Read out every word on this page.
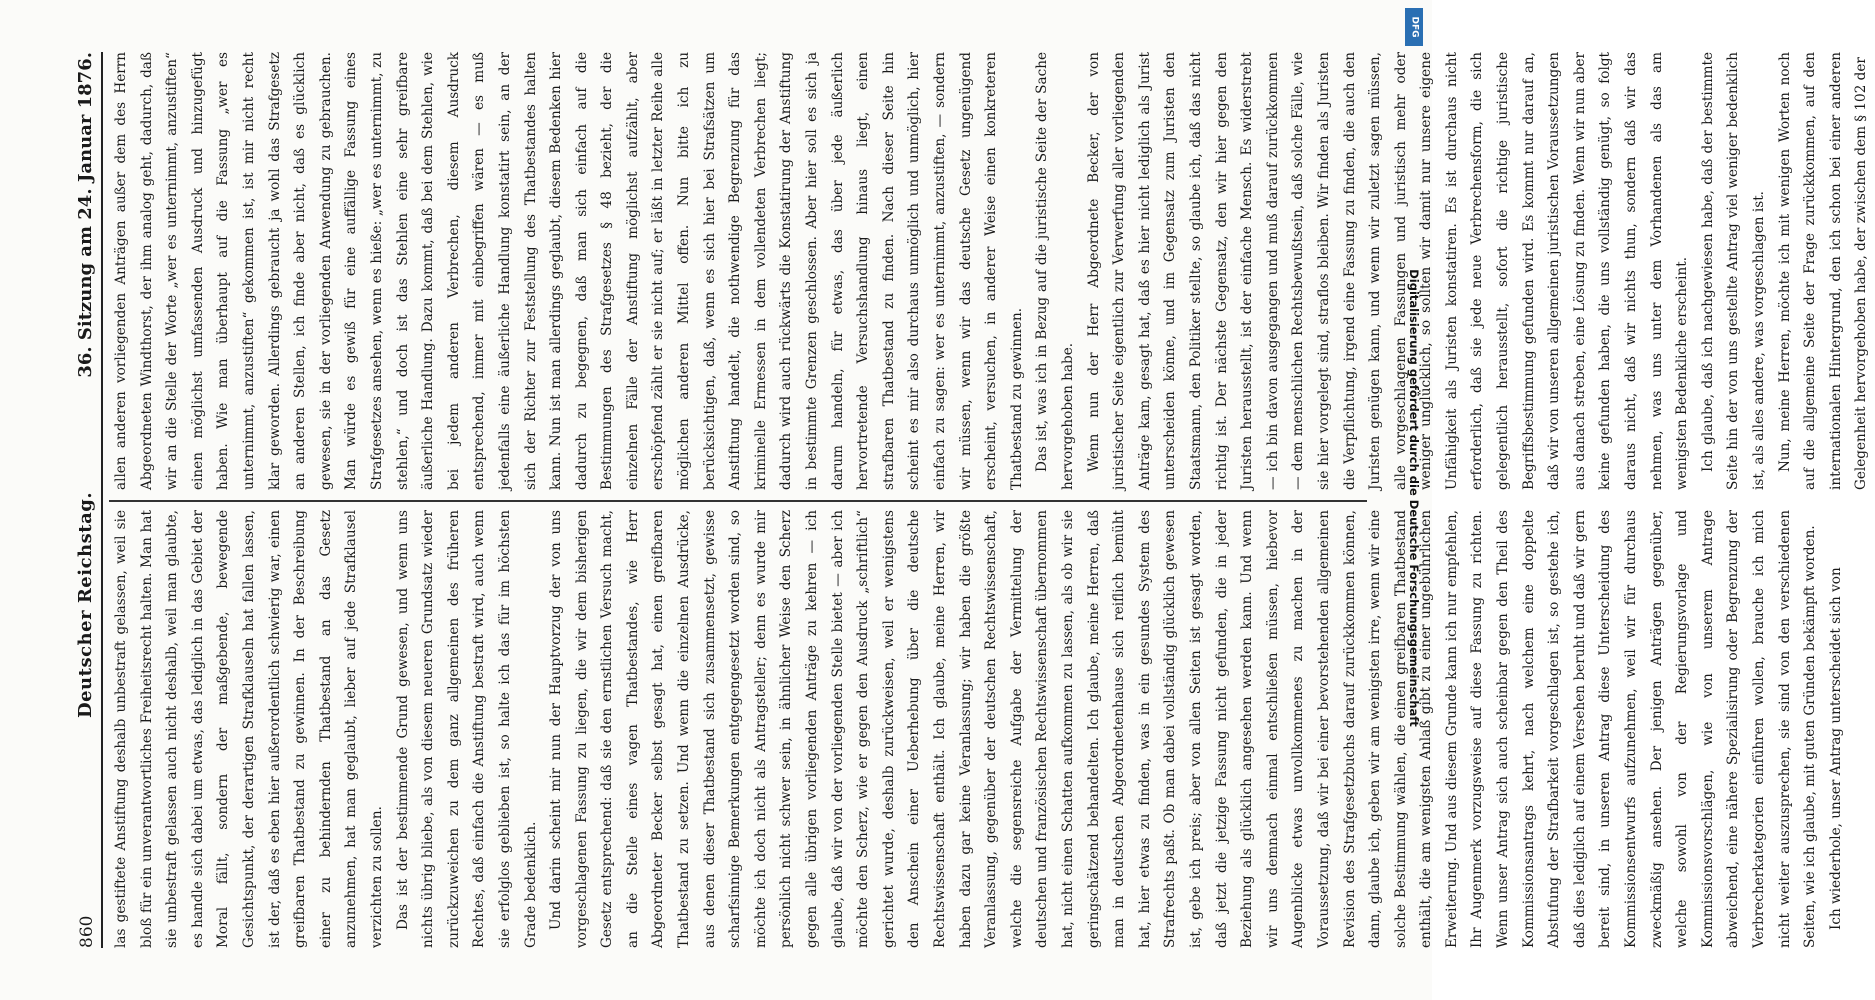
860
Deutscher Reichstag.
36. Sitzung am 24. Januar 1876.

las gestiftete Anstiftung deshalb unbestraft gelassen, weil sie bloß für ein unverantwortliches Freiheitsrecht halten. Man hat sie unbestraft gelassen auch nicht deshalb, weil man glaubte, es handle sich dabei um etwas, das lediglich in das Gebiet der Moral fällt, sondern der maßgebende, bewegende Gesichtspunkt, der derartigen Strafklauseln hat fallen lassen, ist der, daß es eben hier außerordentlich schwierig war, einen greifbaren Thatbestand zu gewinnen. In der Beschreibung einer zu behindernden Thatbestand an das Gesetz anzunehmen, hat man geglaubt, lieber auf jede Strafklausel verzichten zu sollen. Das ist der bestimmende Grund gewesen, und wenn uns nichts übrig bliebe, als von diesem neueren Grundsatz wieder zurückzuweichen zu dem ganz allgemeinen des früheren Rechtes, daß einfach die Anstiftung bestraft wird, auch wenn sie erfolglos geblieben ist, so halte ich das für im höchsten Grade bedenklich. Und darin scheint mir nun der Hauptvorzug der von uns vorgeschlagenen Fassung zu liegen, die wir dem bisherigen Gesetz entsprechend: daß sie den ernstlichen Versuch macht, an die Stelle eines vagen Thatbestandes, wie Herr Abgeordneter Becker selbst gesagt hat, einen greifbaren Thatbestand zu setzen. Und wenn die einzelnen Ausdrücke, aus denen dieser Thatbestand sich zusammensetzt, gewisse scharfsinnige Bemerkungen entgegengesetzt worden sind, so möchte ich doch nicht als Antragsteller; denn es wurde mir persönlich nicht schwer sein, in ähnlicher Weise den Scherz gegen alle übrigen vorliegenden Anträge zu kehren — ich glaube, daß wir von der vorliegenden Stelle bietet — aber ich möchte den Scherz, wie er gegen den Ausdruck „schriftlich“ gerichtet wurde, deshalb zurückweisen, weil er wenigstens den Anschein einer Ueberhebung über die deutsche Rechtswissenschaft enthält. Ich glaube, meine Herren, wir haben dazu gar keine Veranlassung; wir haben die größte Veranlassung, gegenüber der deutschen Rechtswissenschaft, welche die segensreiche Aufgabe der Vermittelung der deutschen und französischen Rechtswissenschaft übernommen hat, nicht einen Schatten aufkommen zu lassen, als ob wir sie geringschätzend behandelten. Ich glaube, meine Herren, daß man in deutschen Abgeordnetenhause sich reiflich bemüht hat, hier etwas zu finden, was in ein gesundes System des Strafrechts paßt. Ob man dabei vollständig glücklich gewesen ist, gebe ich preis; aber von allen Seiten ist gesagt worden, daß jetzt die jetzige Fassung nicht gefunden, die in jeder Beziehung als glücklich angesehen werden kann. Und wenn wir uns demnach einmal entschließen müssen, hiebevor Augenblicke etwas unvollkommenes zu machen in der Voraussetzung, daß wir bei einer bevorstehenden allgemeinen Revision des Strafgesetzbuchs darauf zurückkommen können, dann, glaube ich, geben wir am wenigsten irre, wenn wir eine solche Bestimmung wählen, die einen greifbaren Thatbestand enthält, die am wenigsten Anlaß gibt zu einer ungebührlichen Erweiterung. Und aus diesem Grunde kann ich nur empfehlen, Ihr Augenmerk vorzugsweise auf diese Fassung zu richten. Wenn unser Antrag sich auch scheinbar gegen den Theil des Kommissionsantrags kehrt, nach welchem eine doppelte Abstufung der Strafbarkeit vorgeschlagen ist, so gestehe ich, daß dies lediglich auf einem Versehen beruht und daß wir gern bereit sind, in unseren Antrag diese Unterscheidung des Kommissionsentwurfs aufzunehmen, weil wir für durchaus zweckmäßig ansehen. Der jenigen Anträgen gegenüber, welche sowohl von der Regierungsvorlage und Kommissionsvorschlägen, wie von unserem Antrage abweichend, eine nähere Spezialisirung oder Begrenzung der Verbrecherkategorien einführen wollen, brauche ich mich nicht weiter auszusprechen, sie sind von den verschiedenen Seiten, wie ich glaube, mit guten Gründen bekämpft worden. Ich wiederhole, unser Antrag unterscheidet sich von

allen anderen vorliegenden Anträgen außer dem des Herrn Abgeordneten Windthorst, der ihm analog geht, dadurch, daß wir an die Stelle der Worte „wer es unternimmt, anzustiften“ einen möglichst umfassenden Ausdruck und hinzugefügt haben. Wie man überhaupt auf die Fassung „wer es unternimmt, anzustiften“ gekommen ist, ist mir nicht recht klar geworden. Allerdings gebraucht ja wohl das Strafgesetz an anderen Stellen, ich finde aber nicht, daß es glücklich gewesen, sie in der vorliegenden Anwendung zu gebrauchen. Man würde es gewiß für eine auffällige Fassung eines Strafgesetzes ansehen, wenn es hieße: „wer es unternimmt, zu stehlen,“ und doch ist das Stehlen eine sehr greifbare äußerliche Handlung. Dazu kommt, daß bei dem Stehlen, wie bei jedem anderen Verbrechen, diesem Ausdruck entsprechend, immer mit einbegriffen wären — es muß jedenfalls eine äußerliche Handlung konstatirt sein, an der sich der Richter zur Feststellung des Thatbestandes halten kann. Nun ist man allerdings geglaubt, diesem Bedenken hier dadurch zu begegnen, daß man sich einfach auf die Bestimmungen des Strafgesetzes § 48 bezieht, der die einzelnen Fälle der Anstiftung möglichst aufzählt, aber erschöpfend zählt er sie nicht auf; er läßt in letzter Reihe alle möglichen anderen Mittel offen. Nun bitte ich zu berücksichtigen, daß, wenn es sich hier bei Strafsätzen um Anstiftung handelt, die nothwendige Begrenzung für das kriminelle Ermessen in dem vollendeten Verbrechen liegt; dadurch wird auch rückwärts die Konstatirung der Anstiftung in bestimmte Grenzen geschlossen. Aber hier soll es sich ja darum handeln, für etwas, das über jede äußerlich hervortretende Versuchshandlung hinaus liegt, einen strafbaren Thatbestand zu finden. Nach dieser Seite hin scheint es mir also durchaus unmöglich und unmöglich, hier einfach zu sagen: wer es unternimmt, anzustiften, — sondern wir müssen, wenn wir das deutsche Gesetz ungenügend erscheint, versuchen, in anderer Weise einen konkreteren Thatbestand zu gewinnen. Das ist, was ich in Bezug auf die juristische Seite der Sache hervorgehoben habe. Wenn nun der Herr Abgeordnete Becker, der von juristischer Seite eigentlich zur Verwerfung aller vorliegenden Anträge kam, gesagt hat, daß es hier nicht lediglich als Jurist unterscheiden könne, und im Gegensatz zum Juristen den Staatsmann, den Politiker stellte, so glaube ich, daß das nicht richtig ist. Der nächste Gegensatz, den wir hier gegen den Juristen herausstellt, ist der einfache Mensch. Es widerstrebt — ich bin davon ausgegangen und muß darauf zurückkommen — dem menschlichen Rechtsbewußtsein, daß solche Fälle, wie sie hier vorgelegt sind, straflos bleiben. Wir finden als Juristen die Verpflichtung, irgend eine Fassung zu finden, die auch den Juristen genügen kann, und wenn wir zuletzt sagen müssen, alle vorgeschlagenen Fassungen und juristisch mehr oder weniger unglücklich, so sollten wir damit nur unsere eigene Unfähigkeit als Juristen konstatiren. Es ist durchaus nicht erforderlich, daß sie jede neue Verbrechensform, die sich gelegentlich herausstellt, sofort die richtige juristische Begriffsbestimmung gefunden wird. Es kommt nur darauf an, daß wir von unseren allgemeinen juristischen Voraussetzungen aus danach streben, eine Lösung zu finden. Wenn wir nun aber keine gefunden haben, die uns vollständig genügt, so folgt daraus nicht, daß wir nichts thun, sondern daß wir das nehmen, was uns unter dem Vorhandenen als das am wenigsten Bedenkliche erscheint. Ich glaube, daß ich nachgewiesen habe, daß der bestimmte Seite hin der von uns gestellte Antrag viel weniger bedenklich ist, als alles andere, was vorgeschlagen ist. Nun, meine Herren, möchte ich mit wenigen Worten noch auf die allgemeine Seite der Frage zurückkommen, auf den internationalen Hintergrund, den ich schon bei einer anderen Gelegenheit hervorgehoben habe, der zwischen dem § 102 der

DFG
Digitalisierung gefördert durch die Deutsche Forschungsgemeinschaft
